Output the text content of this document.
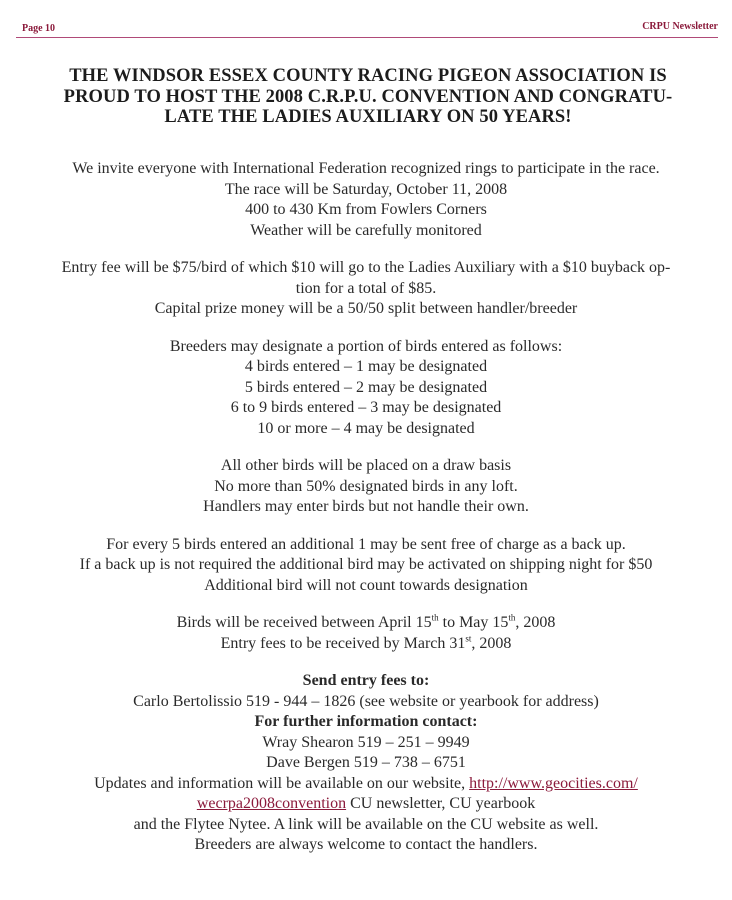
Page 10	CRPU Newsletter
THE WINDSOR ESSEX COUNTY RACING PIGEON ASSOCIATION IS
PROUD TO HOST THE 2008 C.R.P.U. CONVENTION AND CONGRATU-
LATE THE LADIES AUXILIARY ON 50 YEARS!
We invite everyone with International Federation recognized rings to participate in the race.
The race will be Saturday, October 11, 2008
400 to 430 Km from Fowlers Corners
Weather will be carefully monitored
Entry fee will be $75/bird of which $10 will go to the Ladies Auxiliary with a $10 buyback op-
tion for a total of $85.
Capital prize money will be a 50/50 split between handler/breeder
Breeders may designate a portion of birds entered as follows:
4 birds entered – 1 may be designated
5 birds entered – 2 may be designated
6 to 9 birds entered – 3 may be designated
10 or more – 4 may be designated
All other birds will be placed on a draw basis
No more than 50% designated birds in any loft.
Handlers may enter birds but not handle their own.
For every 5 birds entered an additional 1 may be sent free of charge as a back up.
If a back up is not required the additional bird may be activated on shipping night for $50
Additional bird will not count towards designation
Birds will be received between April 15th to May 15th, 2008
Entry fees to be received by March 31st, 2008
Send entry fees to:
Carlo Bertolissio 519 - 944 – 1826 (see website or yearbook for address)
For further information contact:
Wray Shearon 519 – 251 – 9949
Dave Bergen 519 – 738 – 6751
Updates and information will be available on our website, http://www.geocities.com/
wecrpa2008convention CU newsletter, CU yearbook
and the Flytee Nytee. A link will be available on the CU website as well.
Breeders are always welcome to contact the handlers.
